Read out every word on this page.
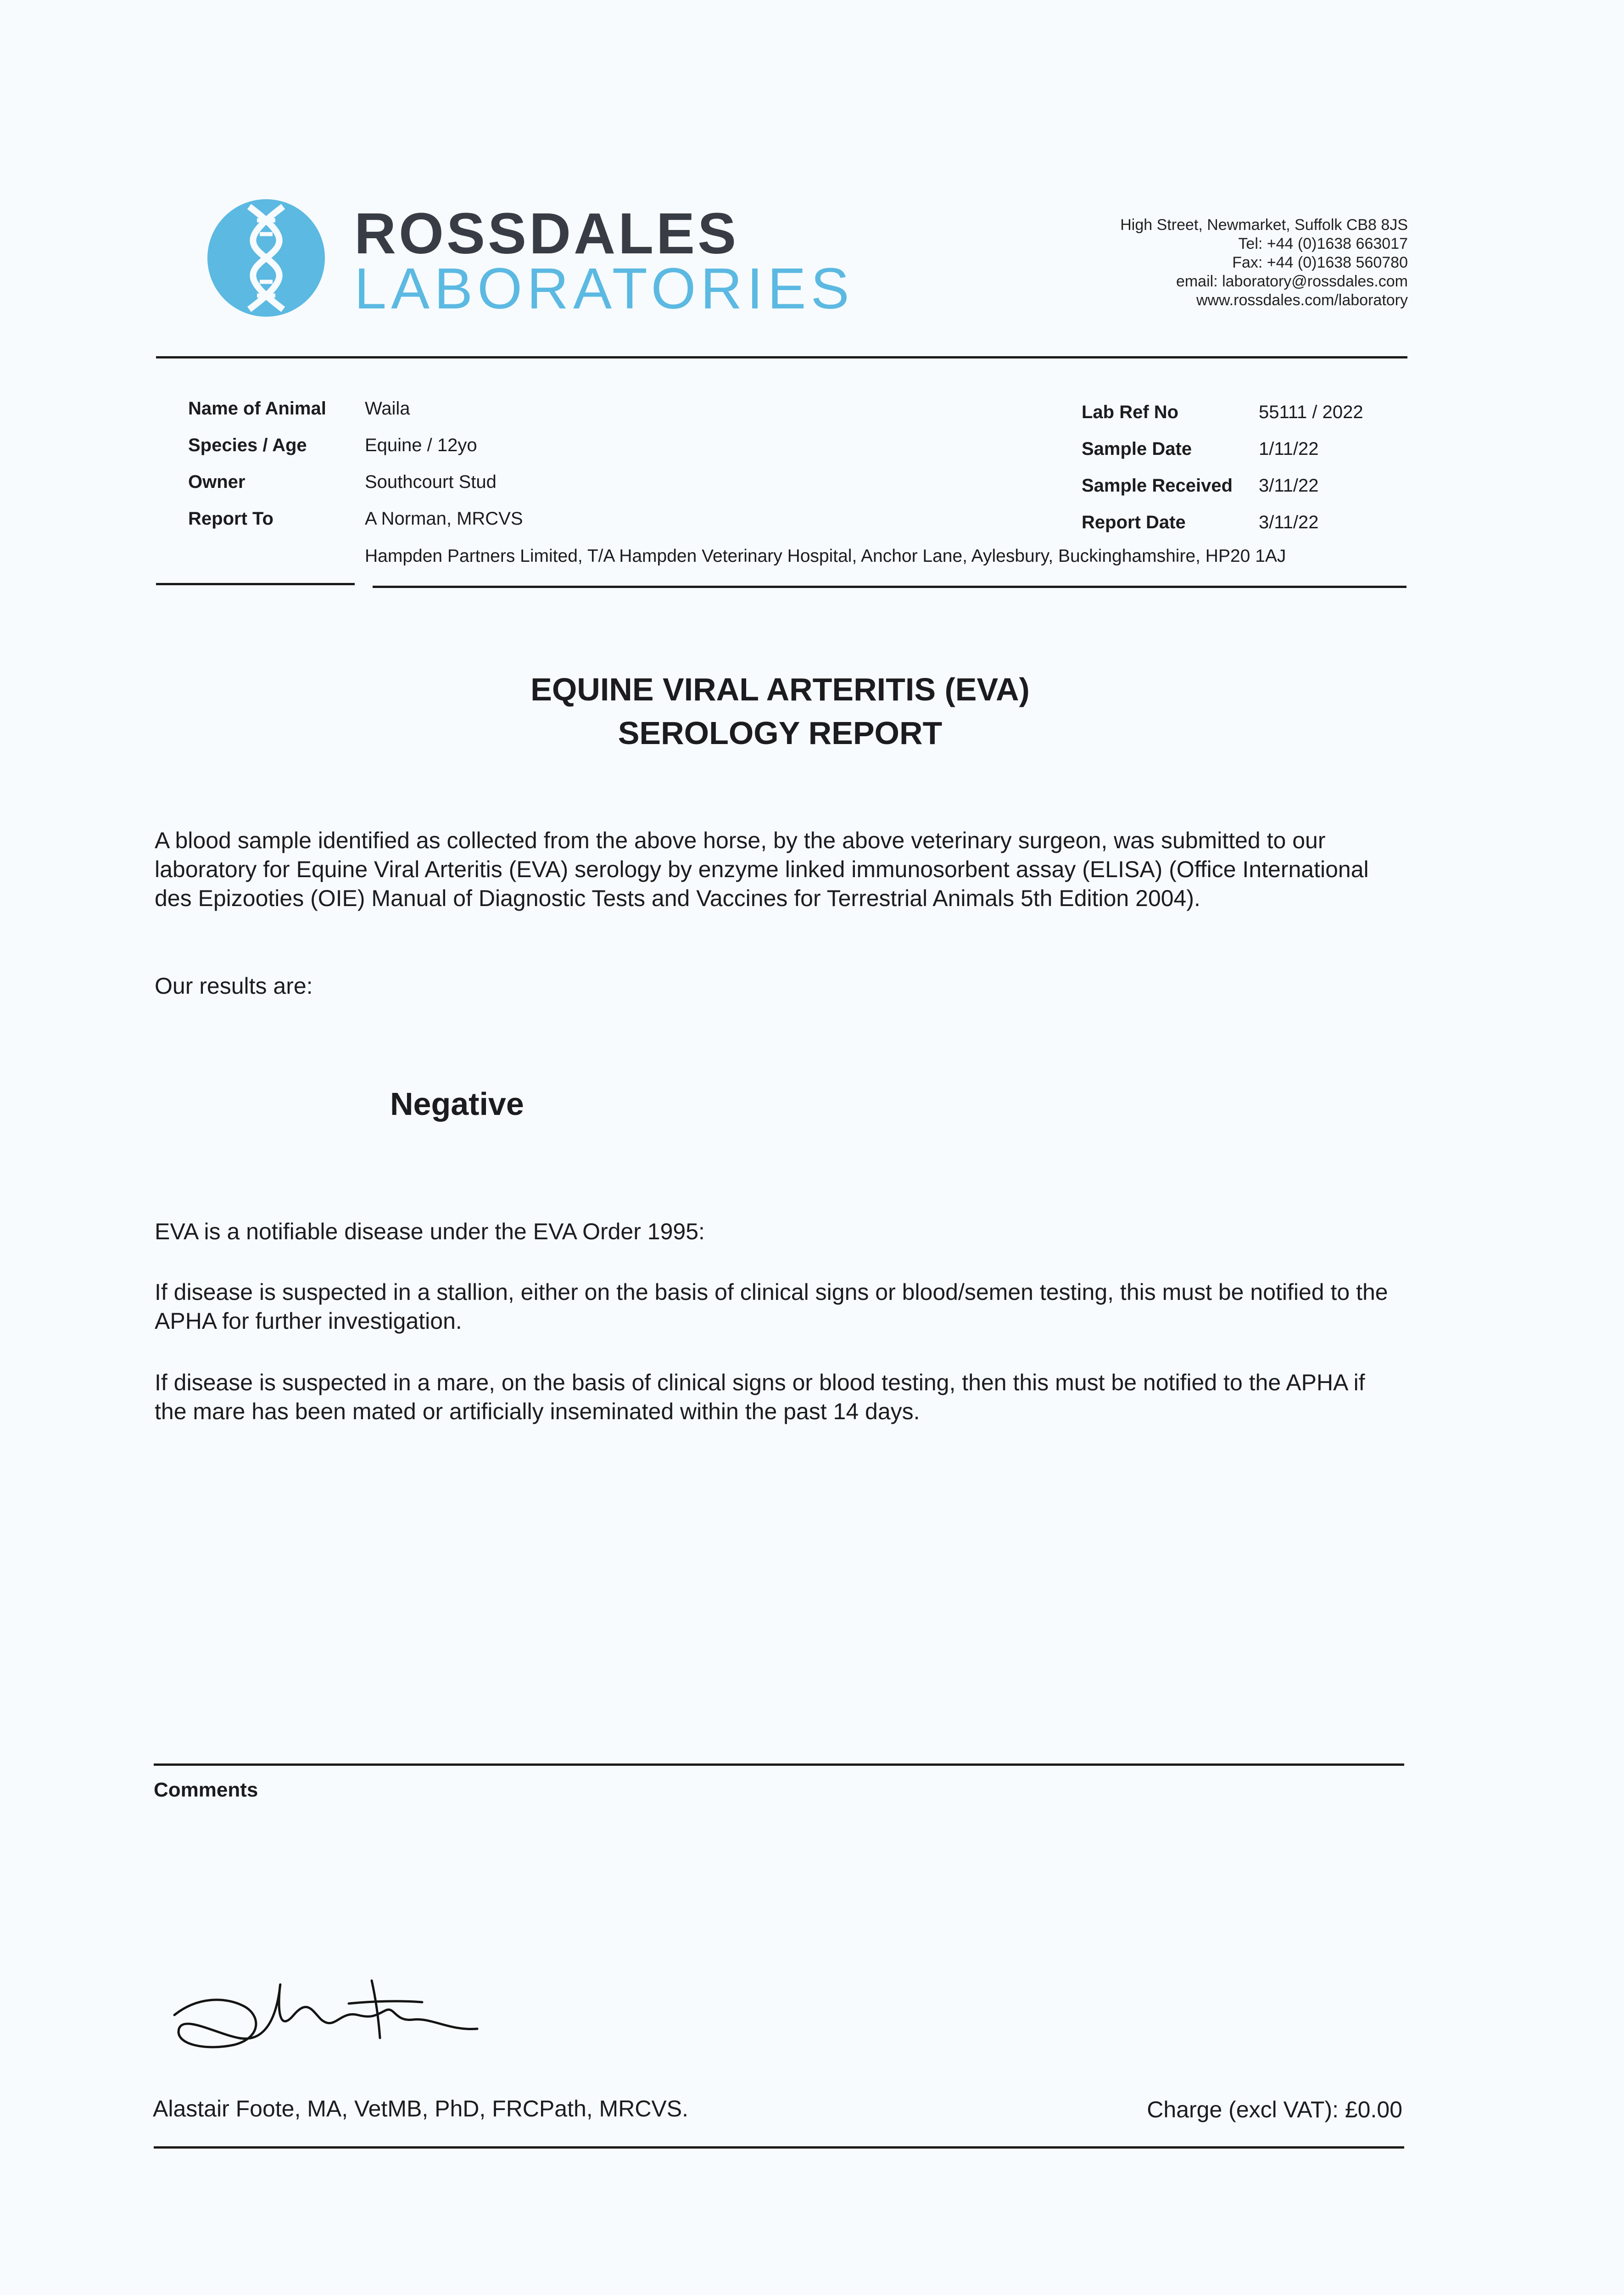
ROSSDALES
LABORATORIES
High Street, Newmarket, Suffolk CB8 8JS
Tel: +44 (0)1638 663017
Fax: +44 (0)1638 560780
email: laboratory@rossdales.com
www.rossdales.com/laboratory
Name of Animal Waila
Species / Age	Equine / 12yo
Owner	Southcourt Stud
Report To	A Norman, MRCVS
Lab Ref No	55111 / 2022
Sample Date	1/11/22
Sample Received 3/11/22
Report Date	3/11/22
Hampden Partners Limited, T/A Hampden Veterinary Hospital, Anchor Lane, Aylesbury, Buckinghamshire, HP20 1AJ
EQUINE VIRAL ARTERITIS (EVA)
SEROLOGY REPORT

A blood sample identified as collected from the above horse, by the above veterinary surgeon, was submitted to our laboratory for Equine Viral Arteritis (EVA) serology by enzyme linked immunosorbent assay (ELISA) (Office International des Epizooties (OIE) Manual of Diagnostic Tests and Vaccines for Terrestrial Animals 5th Edition 2004).

Our results are:
Negative
EVA is a notifiable disease under the EVA Order 1995:
If disease is suspected in a stallion, either on the basis of clinical signs or blood/semen testing, this must be notified to the APHA for further investigation.
If disease is suspected in a mare, on the basis of clinical signs or blood testing, then this must be notified to the APHA if the mare has been mated or artificially inseminated within the past 14 days.
Comments
Alastair Foote, MA, VetMB, PhD, FRCPath, MRCVS.	Charge (excl VAT): £0.00
